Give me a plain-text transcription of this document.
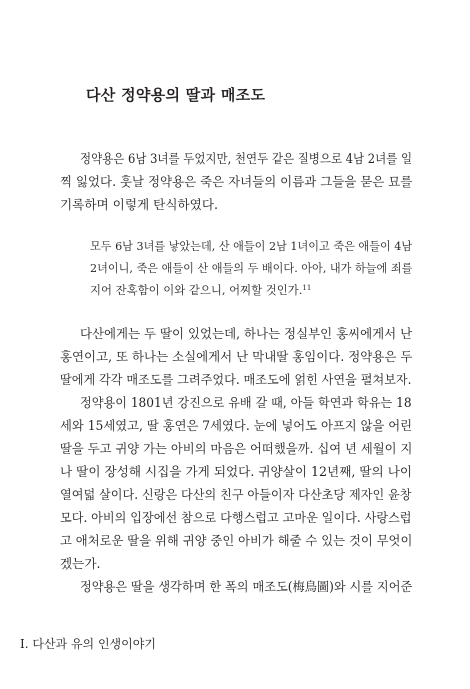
다산 정약용의 딸과 매조도
정약용은 6남 3녀를 두었지만, 천연두 같은 질병으로 4남 2녀를 일
찍 잃었다. 훗날 정약용은 죽은 자녀들의 이름과 그들을 묻은 묘를
기록하며 이렇게 탄식하였다.
모두 6남 3녀를 낳았는데, 산 애들이 2남 1녀이고 죽은 애들이 4남
2녀이니, 죽은 애들이 산 애들의 두 배이다. 아아, 내가 하늘에 죄를
지어 잔혹함이 이와 같으니, 어찌할 것인가.$^{11}$
다산에게는 두 딸이 있었는데, 하나는 정실부인 홍씨에게서 난
홍연이고, 또 하나는 소실에게서 난 막내딸 홍임이다. 정약용은 두
딸에게 각각 매조도를 그려주었다. 매조도에 얽힌 사연을 펼쳐보자.
정약용이 1801년 강진으로 유배 갈 때, 아들 학연과 학유는 18
세와 15세였고, 딸 홍연은 7세였다. 눈에 넣어도 아프지 않을 어린
딸을 두고 귀양 가는 아비의 마음은 어떠했을까. 십여 년 세월이 지
나 딸이 장성해 시집을 가게 되었다. 귀양살이 12년째, 딸의 나이
열여덟 살이다. 신랑은 다산의 친구 아들이자 다산초당 제자인 윤창
모다. 아비의 입장에선 참으로 다행스럽고 고마운 일이다. 사랑스럽
고 애처로운 딸을 위해 귀양 중인 아비가 해줄 수 있는 것이 무엇이
겠는가.
정약용은 딸을 생각하며 한 폭의 매조도(梅鳥圖)와 시를 지어준
I. 다산과 유의 인생이야기
